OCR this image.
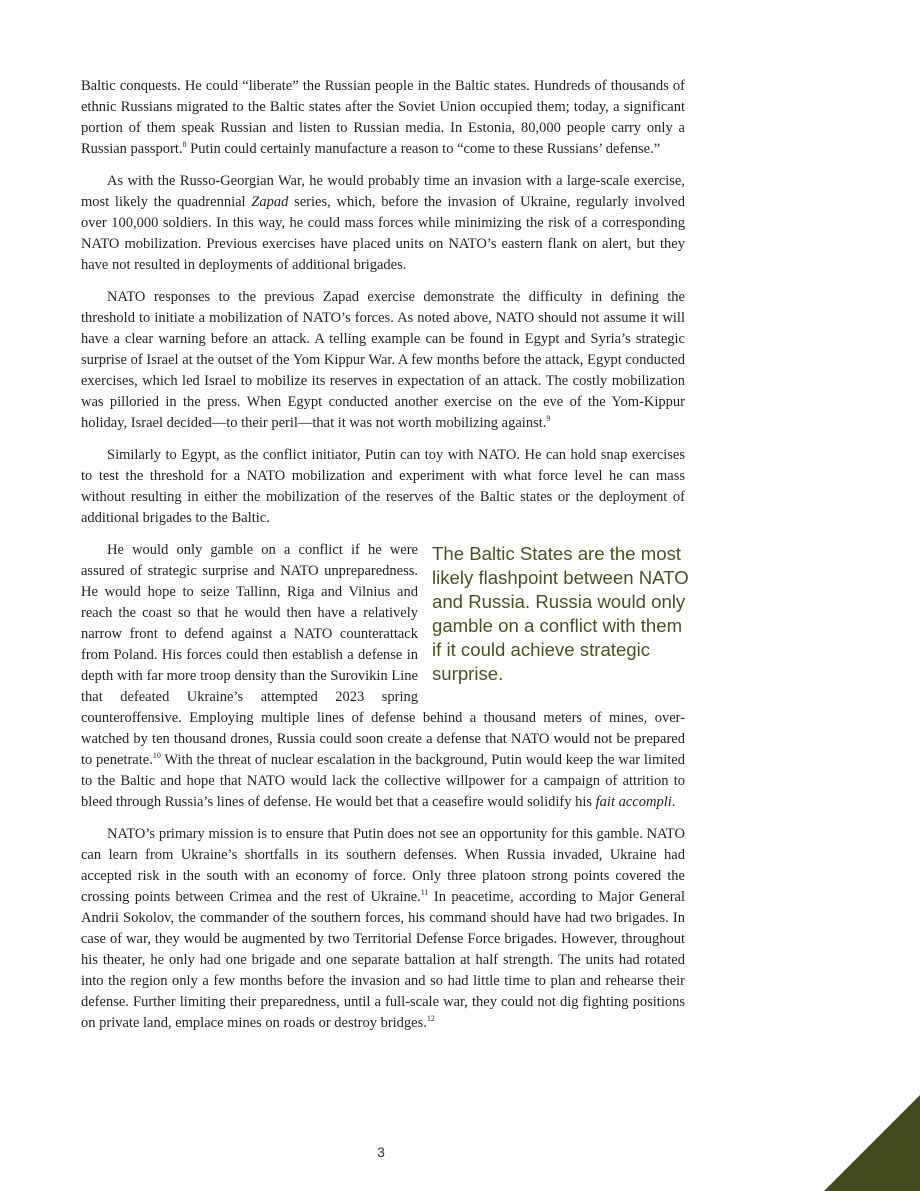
Baltic conquests. He could “liberate” the Russian people in the Baltic states. Hundreds of thousands of ethnic Russians migrated to the Baltic states after the Soviet Union occupied them; today, a significant portion of them speak Russian and listen to Russian media. In Estonia, 80,000 people carry only a Russian passport.$^8$ Putin could certainly manufacture a reason to “come to these Russians’ defense.”

As with the Russo-Georgian War, he would probably time an invasion with a large-scale exercise, most likely the quadrennial Zapad series, which, before the invasion of Ukraine, regularly involved over 100,000 soldiers. In this way, he could mass forces while minimizing the risk of a corresponding NATO mobilization. Previous exercises have placed units on NATO’s eastern flank on alert, but they have not resulted in deployments of additional brigades.

NATO responses to the previous Zapad exercise demonstrate the difficulty in defining the threshold to initiate a mobilization of NATO’s forces. As noted above, NATO should not assume it will have a clear warning before an attack. A telling example can be found in Egypt and Syria’s strategic surprise of Israel at the outset of the Yom Kippur War. A few months before the attack, Egypt conducted exercises, which led Israel to mobilize its reserves in expectation of an attack. The costly mobilization was pilloried in the press. When Egypt conducted another exercise on the eve of the Yom-Kippur holiday, Israel decided—to their peril—that it was not worth mobilizing against.$^9$

Similarly to Egypt, as the conflict initiator, Putin can toy with NATO. He can hold snap exercises to test the threshold for a NATO mobilization and experiment with what force level he can mass without resulting in either the mobilization of the reserves of the Baltic states or the deployment of additional brigades to the Baltic.

The Baltic States are the most likely flashpoint between NATO and Russia. Russia would only gamble on a conflict with them if it could achieve strategic surprise.
He would only gamble on a conflict if he were assured of strategic surprise and NATO unpreparedness. He would hope to seize Tallinn, Riga and Vilnius and reach the coast so that he would then have a relatively narrow front to defend against a NATO counterattack from Poland. His forces could then establish a defense in depth with far more troop density than the Surovikin Line that defeated Ukraine’s attempted 2023 spring counteroffensive. Employing multiple lines of defense behind a thousand meters of mines, over-watched by ten thousand drones, Russia could soon create a defense that NATO would not be prepared to penetrate.$^{10}$ With the threat of nuclear escalation in the background, Putin would keep the war limited to the Baltic and hope that NATO would lack the collective willpower for a campaign of attrition to bleed through Russia’s lines of defense. He would bet that a ceasefire would solidify his fait accompli.

NATO’s primary mission is to ensure that Putin does not see an opportunity for this gamble. NATO can learn from Ukraine’s shortfalls in its southern defenses. When Russia invaded, Ukraine had accepted risk in the south with an economy of force. Only three platoon strong points covered the crossing points between Crimea and the rest of Ukraine.$^{11}$ In peacetime, according to Major General Andrii Sokolov, the commander of the southern forces, his command should have had two brigades. In case of war, they would be augmented by two Territorial Defense Force brigades. However, throughout his theater, he only had one brigade and one separate battalion at half strength. The units had rotated into the region only a few months before the invasion and so had little time to plan and rehearse their defense. Further limiting their preparedness, until a full-scale war, they could not dig fighting positions on private land, emplace mines on roads or destroy bridges.$^{12}$

3
